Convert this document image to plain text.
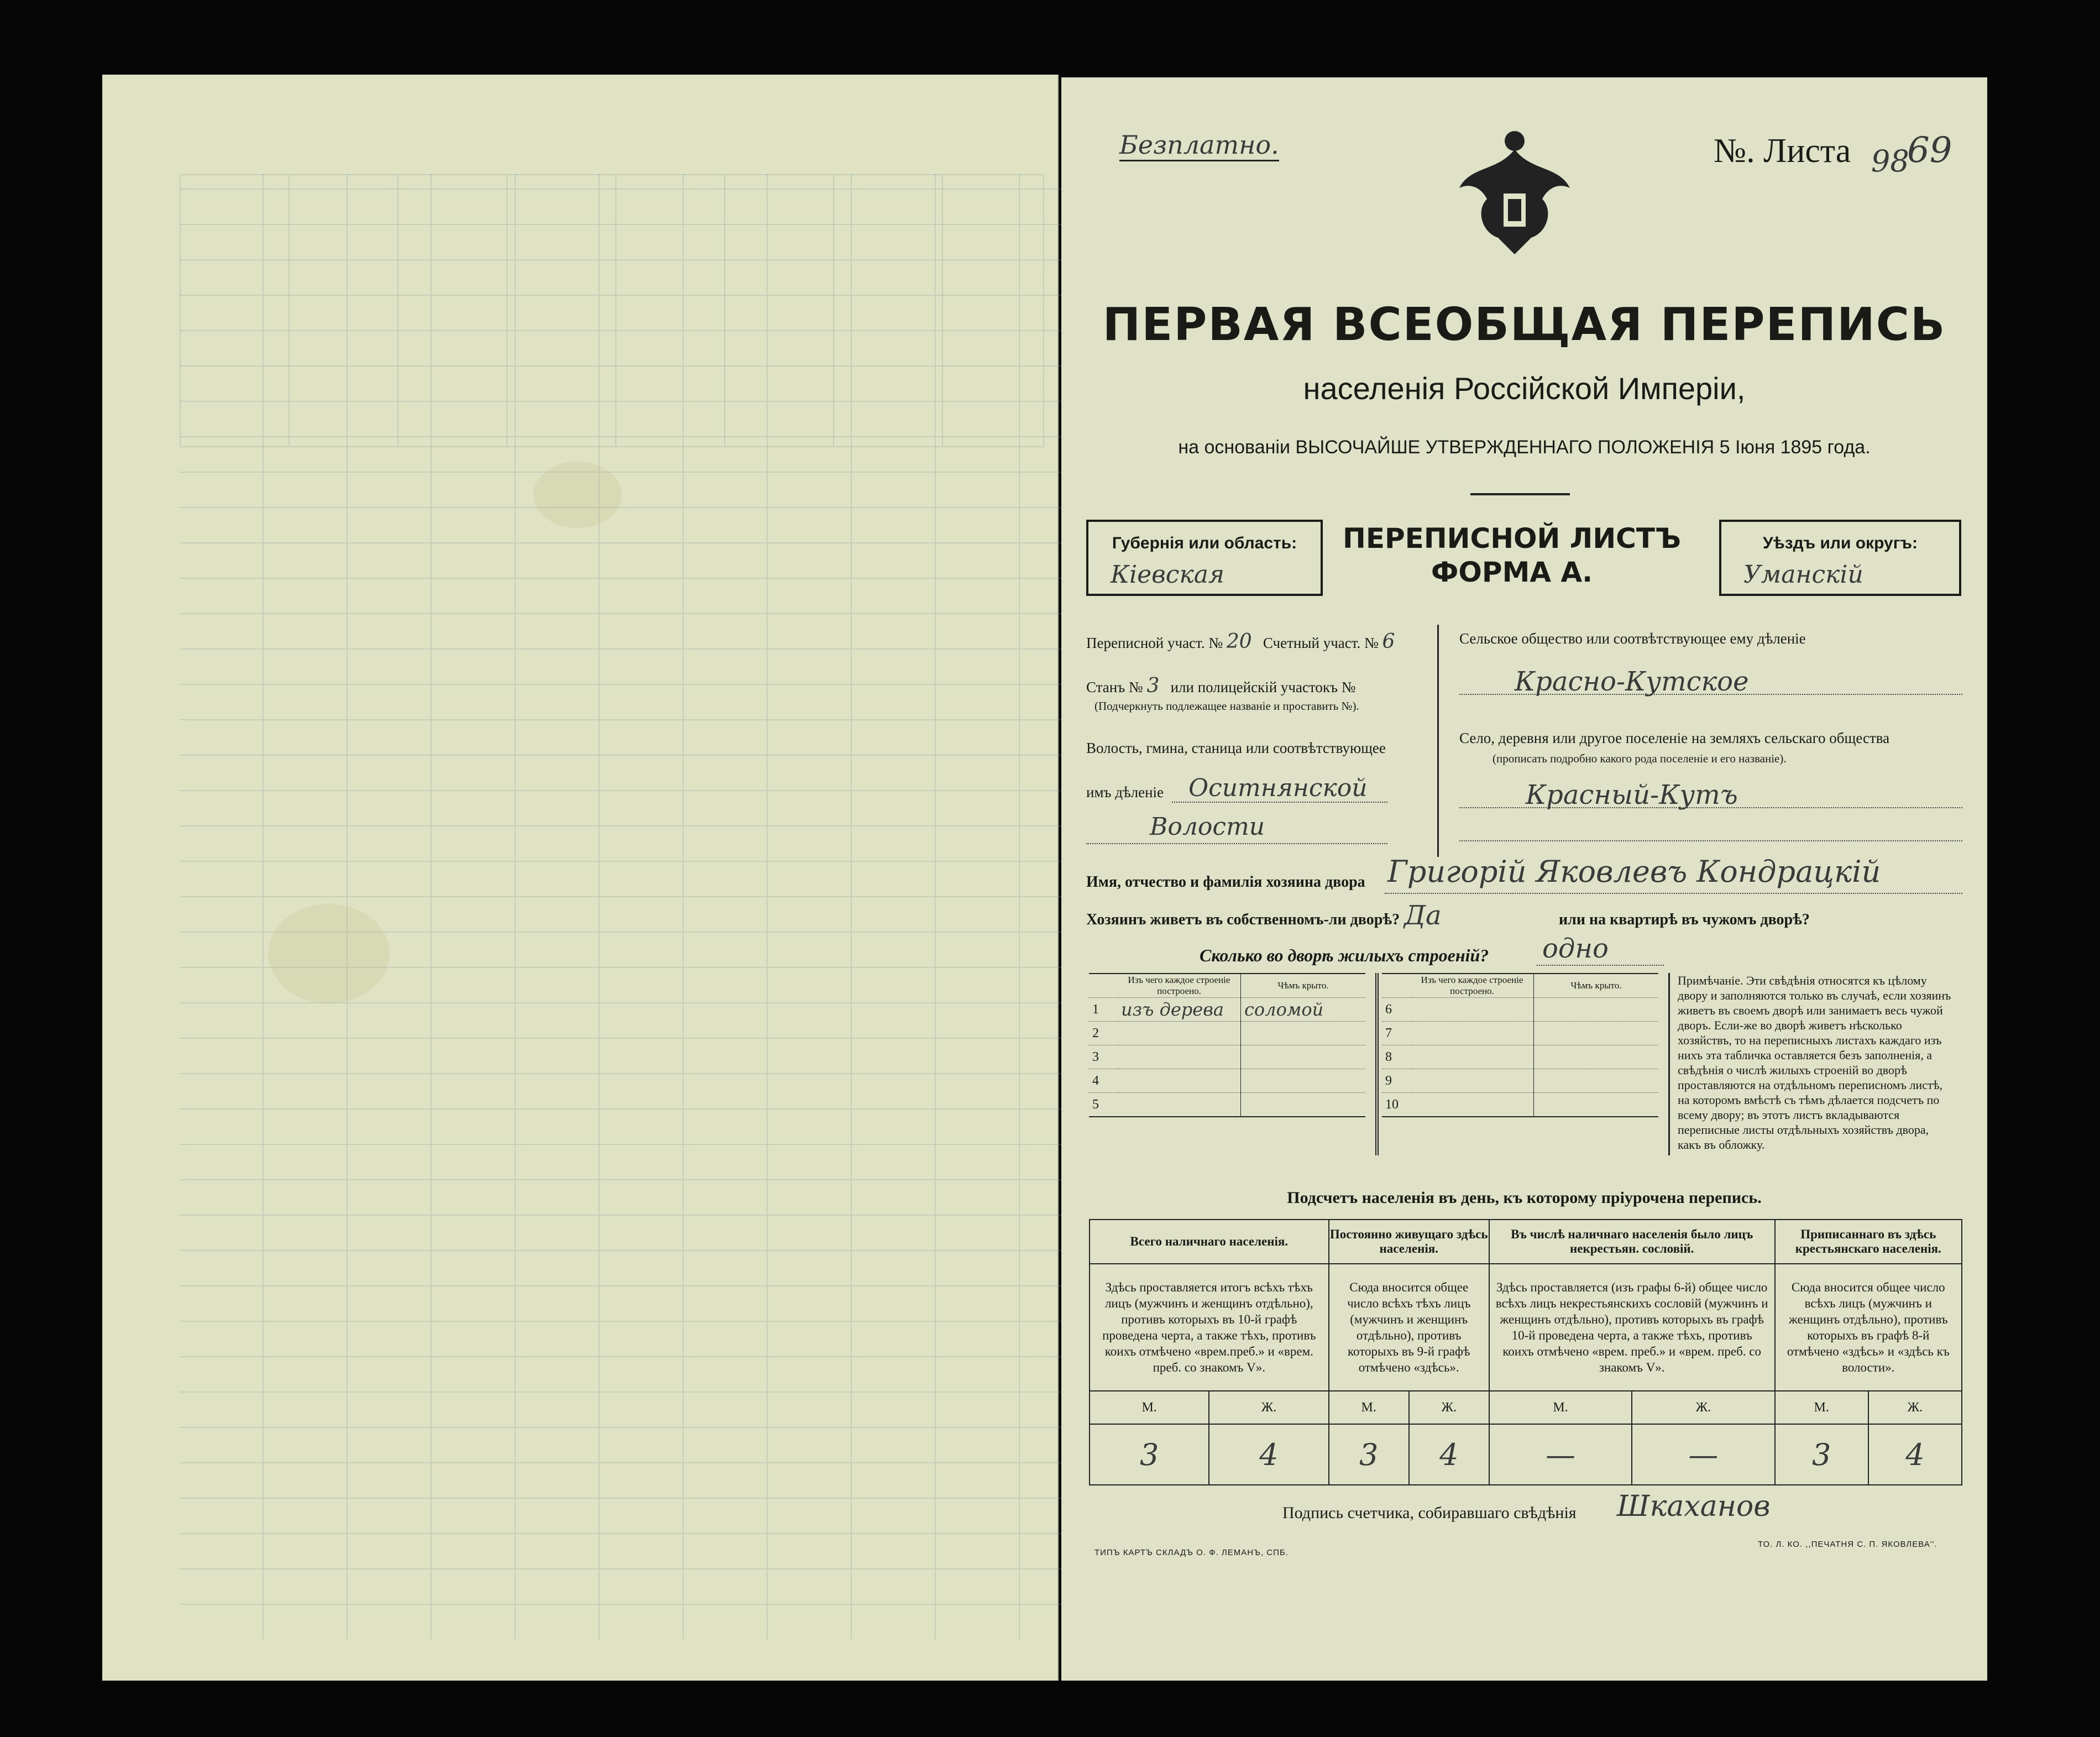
Безплатно.	№. Листа 98
69
ПЕРВАЯ ВСЕОБЩАЯ ПЕРЕПИСЬ
населенія Россійской Имперіи,
на основаніи ВЫСОЧАЙШЕ УТВЕРЖДЕННАГО ПОЛОЖЕНІЯ 5 Іюня 1895 года.
Губернія или область:
Кіевская
ПЕРЕПИСНОЙ ЛИСТЪ
ФОРМА А.
Уѣздъ или округъ:
Уманскій
Переписной участ. № 20 Счетный участ. № 6
Станъ № 3 или полицейскій участокъ №
(Подчеркнуть подлежащее названіе и проставить №).
Волость, гмина, станица или соотвѣтствующее
имъ дѣленіе Оситнянской
Волости
Сельское общество или соотвѣтствующее ему дѣленіе
Красно-Кутское
Село, деревня или другое поселеніе на земляхъ сельскаго общества
(прописать подробно какого рода поселеніе и его названіе).
Красный-Кутъ
Имя, отчество и фамилія хозяина двора Григорій Яковлевъ Кондрацкій
Хозяинъ живетъ въ собственномъ-ли дворѣ? Да	или на квартирѣ въ чужомъ дворѣ?
Сколько во дворѣ жилыхъ строеній? одно
	Изъ чего каждое строеніе построено.	Чѣмъ крыто.
1	изъ дерева	соломой
2		
3		
4		
5		
	Изъ чего каждое строеніе построено.	Чѣмъ крыто.
6		
7		
8		
9		
10		
Примѣчаніе. Эти свѣдѣнія относятся къ цѣлому двору и заполняются только въ случаѣ, если хозяинъ живетъ въ своемъ дворѣ или занимаетъ весь чужой дворъ. Если-же во дворѣ живетъ нѣсколько хозяйствъ, то на переписныхъ листахъ каждаго изъ нихъ эта табличка оставляется безъ заполненія, а свѣдѣнія о числѣ жилыхъ строеній во дворѣ проставляются на отдѣльномъ переписномъ листѣ, на которомъ вмѣстѣ съ тѣмъ дѣлается подсчетъ по всему двору; въ этотъ листъ вкладываются переписные листы отдѣльныхъ хозяйствъ двора, какъ въ обложку.
Подсчетъ населенія въ день, къ которому пріурочена перепись.
Всего наличнаго населенія.		Постоянно живущаго здѣсь населенія.		Въ числѣ наличнаго населенія было лицъ некрестьян. сословій.		Приписаннаго въ здѣсь крестьянскаго населенія.	
Здѣсь проставляется итогъ всѣхъ тѣхъ лицъ (мужчинъ и женщинъ отдѣльно), противъ которыхъ въ 10-й графѣ проведена черта, а также тѣхъ, противъ коихъ отмѣчено «врем.преб.» и «врем. преб. со знакомъ V».		Сюда вносится общее число всѣхъ тѣхъ лицъ (мужчинъ и женщинъ отдѣльно), противъ которыхъ въ 9-й графѣ отмѣчено «здѣсь».		Здѣсь проставляется (изъ графы 6-й) общее число всѣхъ лицъ некрестьянскихъ сословій (мужчинъ и женщинъ отдѣльно), противъ которыхъ въ графѣ 10-й проведена черта, а также тѣхъ, противъ коихъ отмѣчено «врем. преб.» и «врем. преб. со знакомъ V».		Сюда вносится общее число всѣхъ лицъ (мужчинъ и женщинъ отдѣльно), противъ которыхъ въ графѣ 8-й отмѣчено «здѣсь» и «здѣсь къ волости».	
М.	Ж.	М.	Ж.	М.	Ж.	М.	Ж.
3	4	3	4	—	—	3	4
Подпись счетчика, собиравшаго свѣдѣнія Шкаханов
ТИПЪ КАРТЪ СКЛАДЪ О. Ф. ЛЕМАНЪ, СПБ.
ТО. Л. КО. ,,ПЕЧАТНЯ С. П. ЯКОВЛЕВА''.
